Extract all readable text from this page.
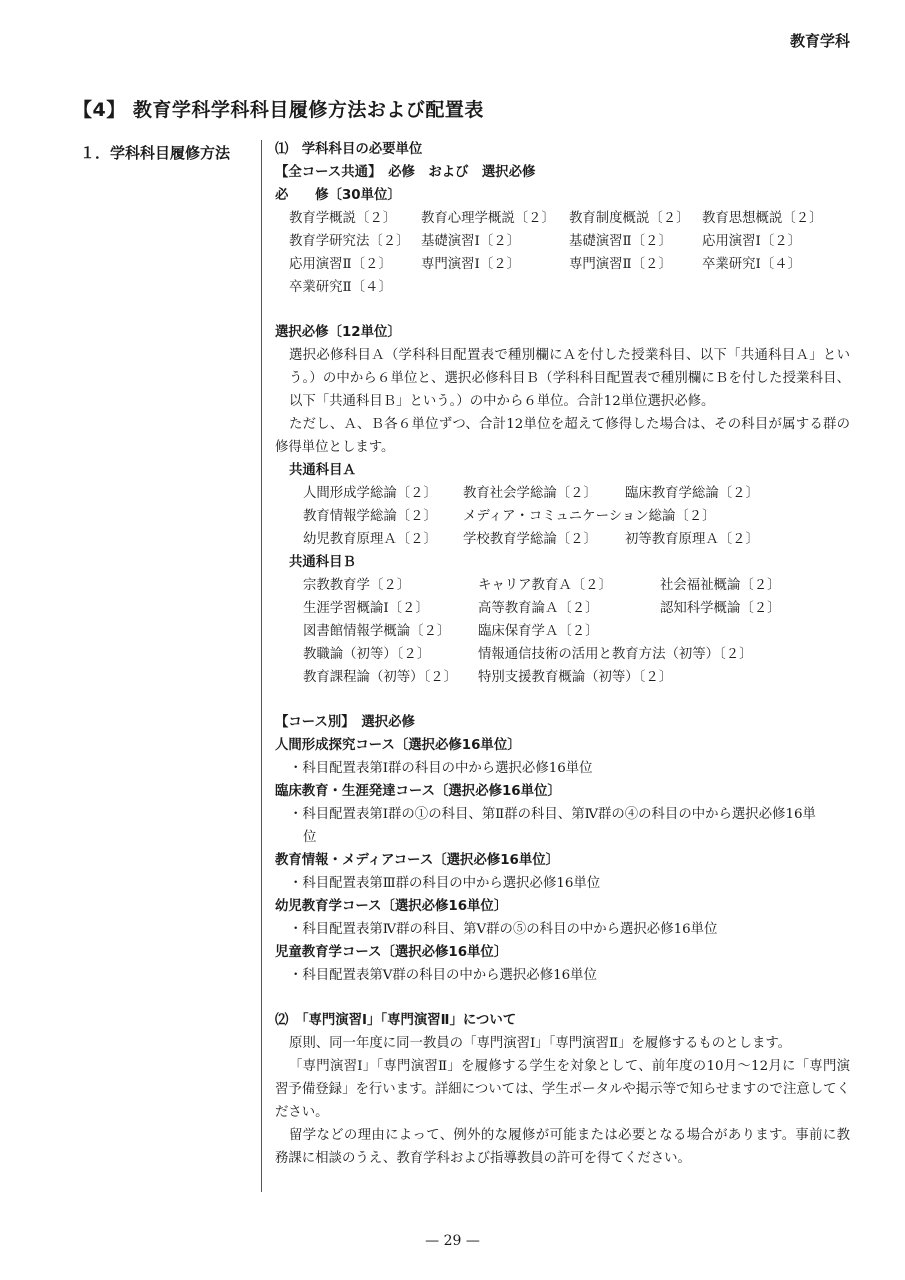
教育学科
【4】 教育学科学科科目履修方法および配置表
１．学科科目履修方法	⑴　学科科目の必要単位
【全コース共通】　必修　および　選択必修
必　　修〔30単位〕
教育学概説〔２〕 教育心理学概説〔２〕 教育制度概説〔２〕 教育思想概説〔２〕
教育学研究法〔２〕 基礎演習Ⅰ〔２〕	基礎演習Ⅱ〔２〕 応用演習Ⅰ〔２〕
応用演習Ⅱ〔２〕 専門演習Ⅰ〔２〕	専門演習Ⅱ〔２〕 卒業研究Ⅰ〔４〕
卒業研究Ⅱ〔４〕
選択必修〔12単位〕
選択必修科目Ａ（学科科目配置表で種別欄にＡを付した授業科目、以下「共通科目Ａ」という。）の中から６単位と、選択必修科目Ｂ（学科科目配置表で種別欄にＢを付した授業科目、以下「共通科目Ｂ」という。）の中から６単位。合計12単位選択必修。
ただし、Ａ、Ｂ各６単位ずつ、合計12単位を超えて修得した場合は、その科目が属する群の修得単位とします。
共通科目Ａ
人間形成学総論〔２〕 教育社会学総論〔２〕 臨床教育学総論〔２〕
教育情報学総論〔２〕 メディア・コミュニケーション総論〔２〕
幼児教育原理Ａ〔２〕 学校教育学総論〔２〕 初等教育原理Ａ〔２〕
共通科目Ｂ
宗教教育学〔２〕	キャリア教育Ａ〔２〕	社会福祉概論〔２〕
生涯学習概論Ⅰ〔２〕	高等教育論Ａ〔２〕	認知科学概論〔２〕
図書館情報学概論〔２〕 臨床保育学Ａ〔２〕
教職論（初等）〔２〕	情報通信技術の活用と教育方法（初等）〔２〕
教育課程論（初等）〔２〕 特別支援教育概論（初等）〔２〕
【コース別】　選択必修
人間形成探究コース〔選択必修16単位〕
・科目配置表第Ⅰ群の科目の中から選択必修16単位
臨床教育・生涯発達コース〔選択必修16単位〕
・科目配置表第Ⅰ群の①の科目、第Ⅱ群の科目、第Ⅳ群の④の科目の中から選択必修16単
位
教育情報・メディアコース〔選択必修16単位〕
・科目配置表第Ⅲ群の科目の中から選択必修16単位
幼児教育学コース〔選択必修16単位〕
・科目配置表第Ⅳ群の科目、第Ⅴ群の⑤の科目の中から選択必修16単位
児童教育学コース〔選択必修16単位〕
・科目配置表第Ⅴ群の科目の中から選択必修16単位
⑵　「専門演習Ⅰ」「専門演習Ⅱ」について
原則、同一年度に同一教員の「専門演習Ⅰ」「専門演習Ⅱ」を履修するものとします。
「専門演習Ⅰ」「専門演習Ⅱ」を履修する学生を対象として、前年度の10月〜12月に「専門演習予備登録」を行います。詳細については、学生ポータルや掲示等で知らせますので注意してください。
留学などの理由によって、例外的な履修が可能または必要となる場合があります。事前に教務課に相談のうえ、教育学科および指導教員の許可を得てください。
— 29 —
